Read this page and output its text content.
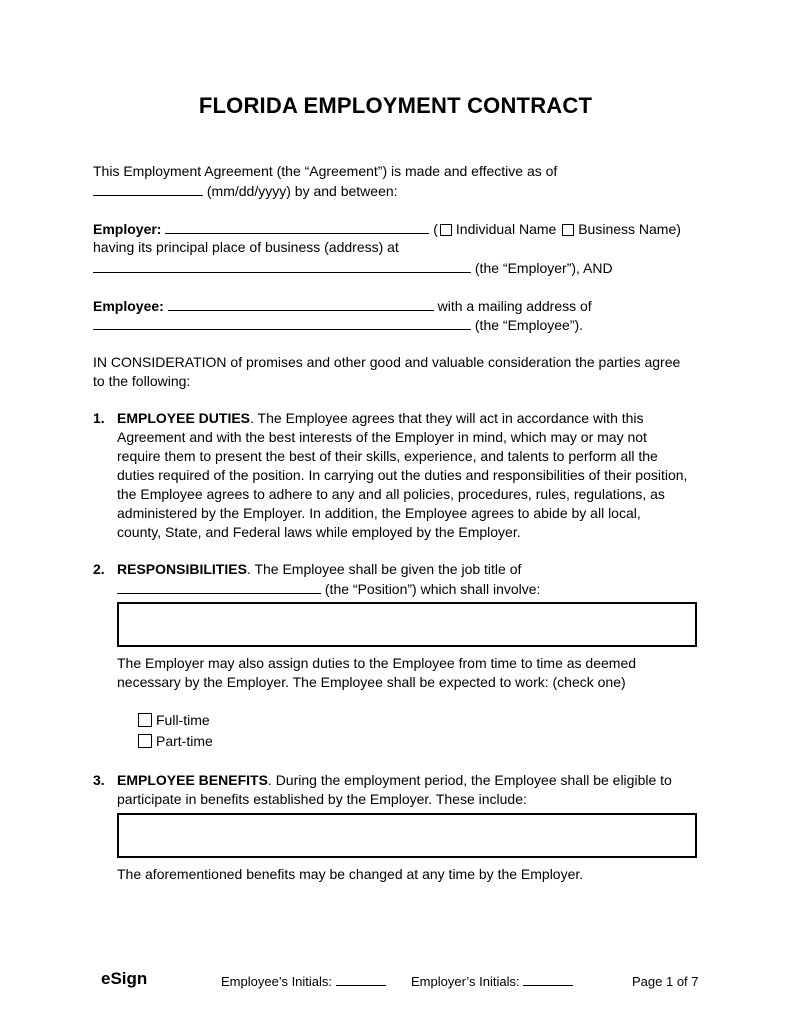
FLORIDA EMPLOYMENT CONTRACT
This Employment Agreement (the “Agreement”) is made and effective as of
(mm/dd/yyyy) by and between:
Employer:	( Individual Name Business Name)
having its principal place of business (address) at
(the “Employer”), AND
Employee:	with a mailing address of
(the “Employee”).
IN CONSIDERATION of promises and other good and valuable consideration the parties agree
to the following:
1. EMPLOYEE DUTIES. The Employee agrees that they will act in accordance with this
Agreement and with the best interests of the Employer in mind, which may or may not
require them to present the best of their skills, experience, and talents to perform all the
duties required of the position. In carrying out the duties and responsibilities of their position,
the Employee agrees to adhere to any and all policies, procedures, rules, regulations, as
administered by the Employer. In addition, the Employee agrees to abide by all local,
county, State, and Federal laws while employed by the Employer.
2. RESPONSIBILITIES. The Employee shall be given the job title of
(the “Position”) which shall involve:
The Employer may also assign duties to the Employee from time to time as deemed
necessary by the Employer. The Employee shall be expected to work: (check one)
Full-time
Part-time
3. EMPLOYEE BENEFITS. During the employment period, the Employee shall be eligible to
participate in benefits established by the Employer. These include:
The aforementioned benefits may be changed at any time by the Employer.
eSign	Employee’s Initials:	Employer’s Initials:	Page 1 of 7
